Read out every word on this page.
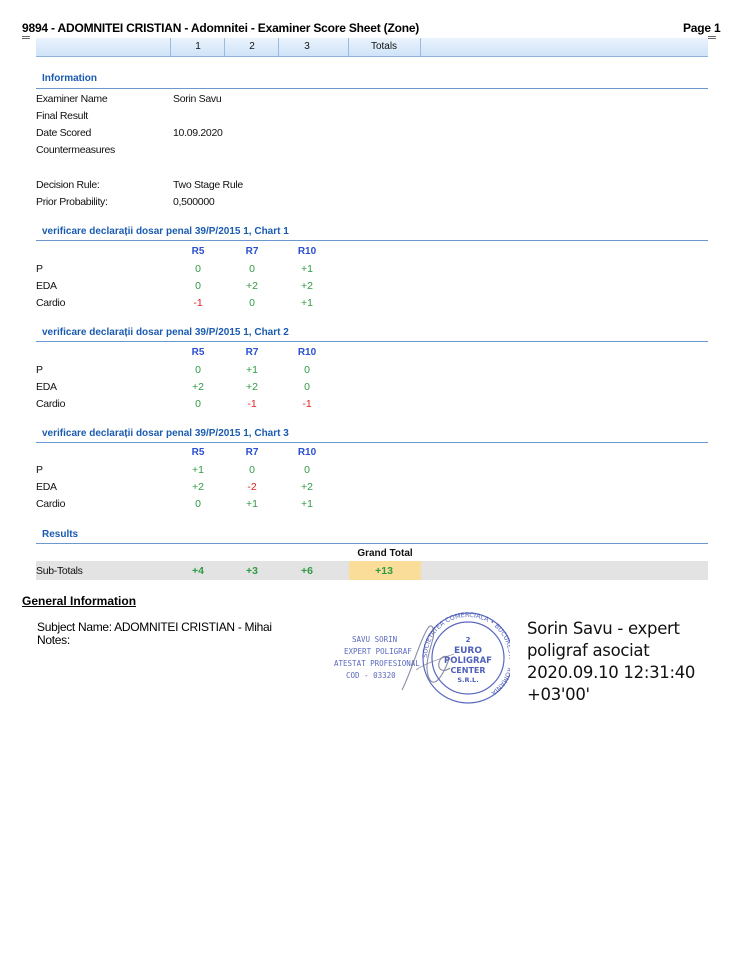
9894 - ADOMNITEI CRISTIAN - Adomnitei - Examiner Score Sheet (Zone)	Page 1
═	═
1	2	3	Totals
Information
Examiner Name	Sorin Savu
Final Result
Date Scored	10.09.2020
Countermeasures
Decision Rule:	Two Stage Rule
Prior Probability:	0,500000
verificare declarații dosar penal 39/P/2015 1, Chart 1
R5	R7	R10
P	0	0	+1
EDA	0	+2	+2
Cardio	-1	0	+1
verificare declarații dosar penal 39/P/2015 1, Chart 2
R5	R7	R10
P	0	+1	0
EDA	+2	+2	0
Cardio	0	-1	-1
verificare declarații dosar penal 39/P/2015 1, Chart 3
R5	R7	R10
P	+1	0	0
EDA	+2	-2	+2
Cardio	0	+1	+1
Results
Grand Total
Sub-Totals	+4	+3	+6	+13
General Information
Subject Name: ADOMNITEI CRISTIAN - Mihai
Notes:	SAVU SORIN
EXPERT POLIGRAF
ATESTAT PROFESIONAL
COD - 03320
SOCIETATEA COMERCIALA • BUCU MANIA
2
EURO
POLIGRAF
CENTER
S.R.L.
Sorin Savu - expert
poligraf asociat
2020.09.10 12:31:40
+03'00'
